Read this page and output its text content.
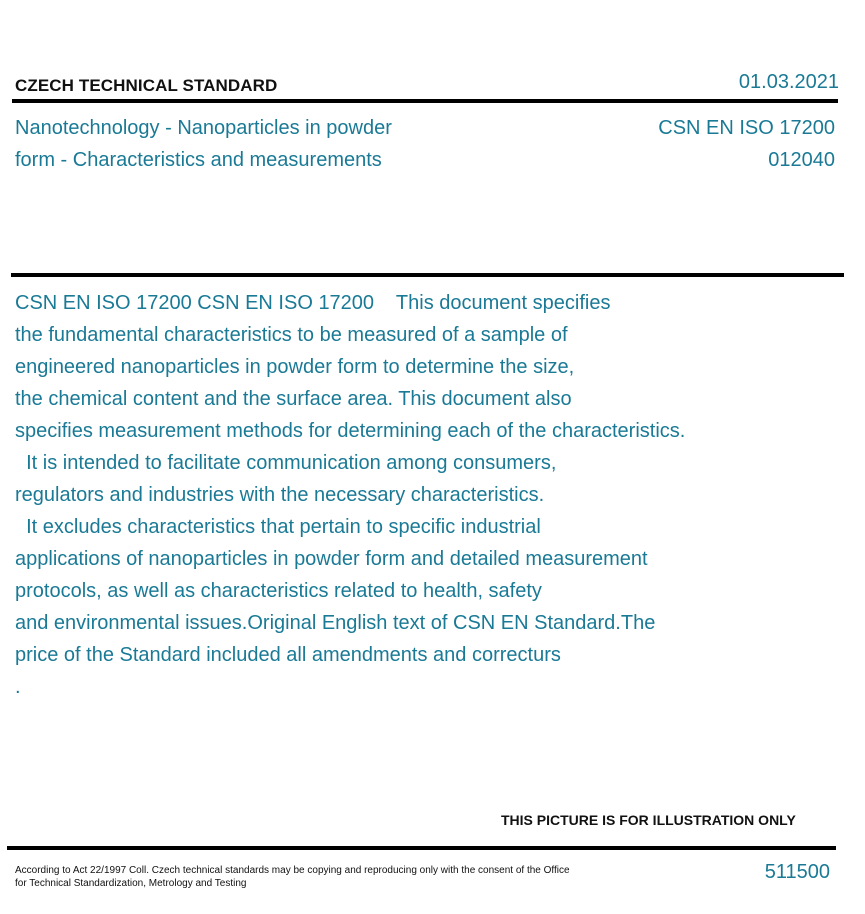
CZECH TECHNICAL STANDARD	01.03.2021
Nanotechnology - Nanoparticles in powder
form - Characteristics and measurements
CSN EN ISO 17200
012040
CSN EN ISO 17200 CSN EN ISO 17200    This document specifies
the fundamental characteristics to be measured of a sample of
engineered nanoparticles in powder form to determine the size,
the chemical content and the surface area. This document also
specifies measurement methods for determining each of the characteristics.
It is intended to facilitate communication among consumers,
regulators and industries with the necessary characteristics.
It excludes characteristics that pertain to specific industrial
applications of nanoparticles in powder form and detailed measurement
protocols, as well as characteristics related to health, safety
and environmental issues.Original English text of CSN EN Standard.The
price of the Standard included all amendments and correcturs
.
THIS PICTURE IS FOR ILLUSTRATION ONLY
According to Act 22/1997 Coll. Czech technical standards may be copying and reproducing only with the consent of the Office
for Technical Standardization, Metrology and Testing
511500
